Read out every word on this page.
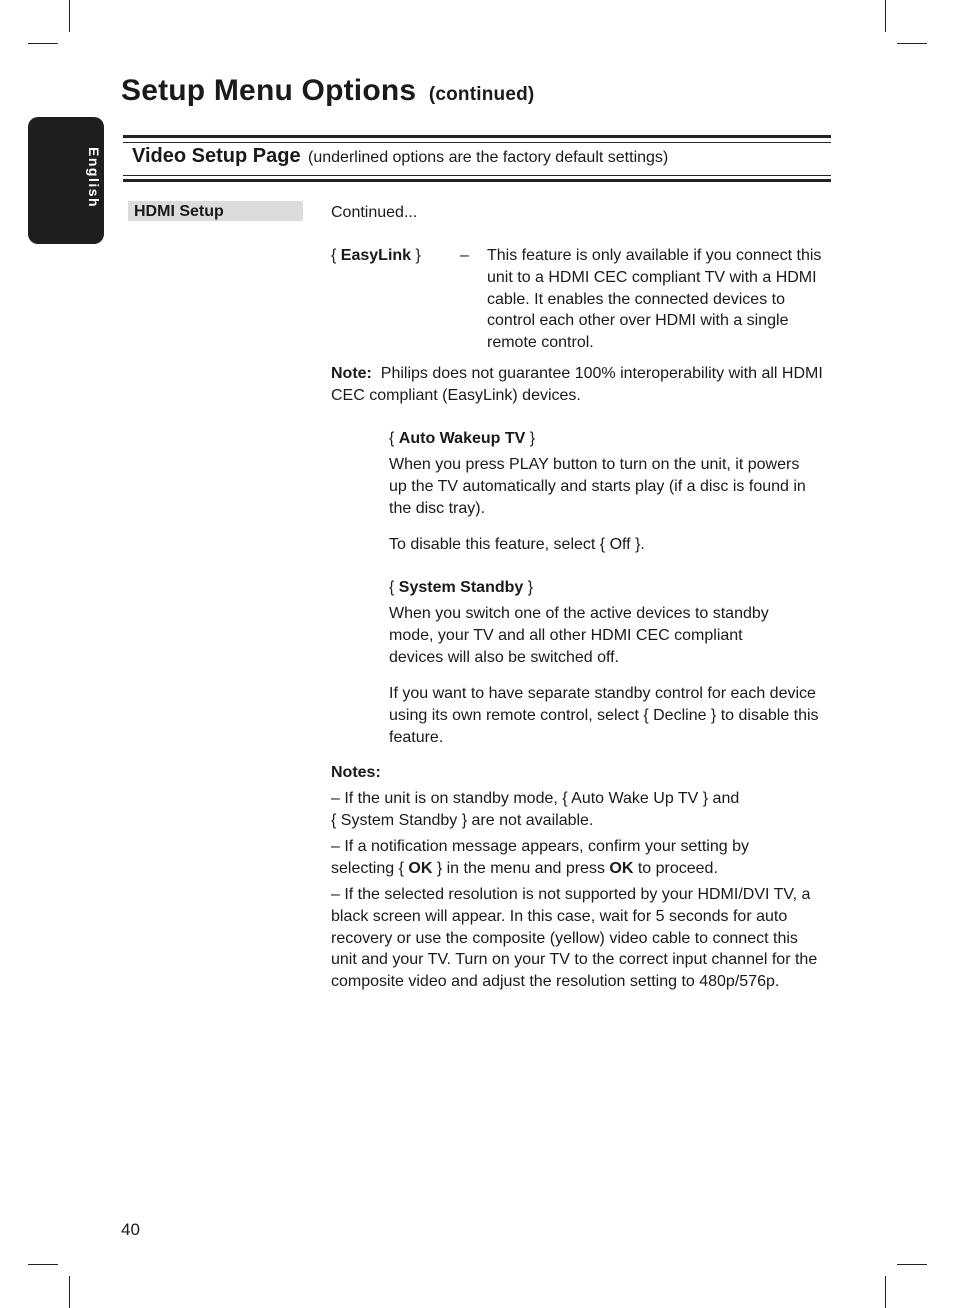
Setup Menu Options (continued)
English Video Setup Page (underlined options are the factory default settings)
HDMI Setup	Continued...
{ EasyLink } – This feature is only available if you connect this unit to a HDMI CEC compliant TV with a HDMI cable. It enables the connected devices to control each other over HDMI with a single remote control.
Note: Philips does not guarantee 100% interoperability with all HDMI CEC compliant (EasyLink) devices.
{ Auto Wakeup TV }
When you press PLAY button to turn on the unit, it powers up the TV automatically and starts play (if a disc is found in the disc tray).
To disable this feature, select { Off }.
{ System Standby }
When you switch one of the active devices to standby mode, your TV and all other HDMI CEC compliant devices will also be switched off.
If you want to have separate standby control for each device using its own remote control, select { Decline } to disable this feature.
Notes:
– If the unit is on standby mode, { Auto Wake Up TV } and
{ System Standby } are not available.
– If a notification message appears, confirm your setting by
selecting { OK } in the menu and press OK to proceed.
– If the selected resolution is not supported by your HDMI/DVI TV, a black screen will appear. In this case, wait for 5 seconds for auto recovery or use the composite (yellow) video cable to connect this unit and your TV. Turn on your TV to the correct input channel for the composite video and adjust the resolution setting to 480p/576p.
40
